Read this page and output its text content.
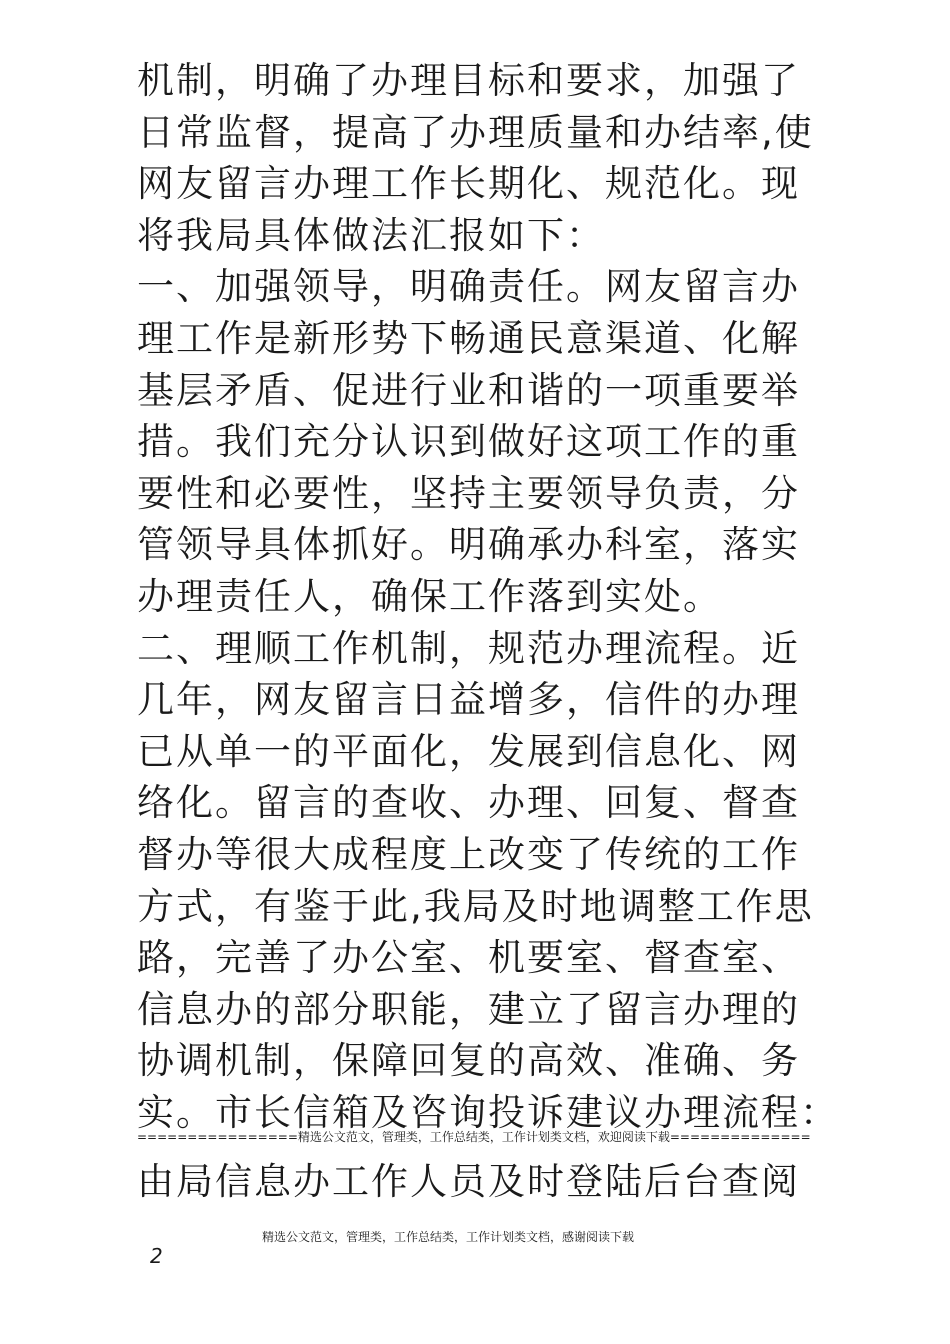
机制，明确了办理目标和要求，加强了
日常监督，提高了办理质量和办结率,使
网友留言办理工作长期化、规范化。现
将我局具体做法汇报如下：
一、加强领导，明确责任。网友留言办
理工作是新形势下畅通民意渠道、化解
基层矛盾、促进行业和谐的一项重要举
措。我们充分认识到做好这项工作的重
要性和必要性，坚持主要领导负责，分
管领导具体抓好。明确承办科室，落实
办理责任人，确保工作落到实处。
二、理顺工作机制，规范办理流程。近
几年，网友留言日益增多，信件的办理
已从单一的平面化，发展到信息化、网
络化。留言的查收、办理、回复、督查
督办等很大成程度上改变了传统的工作
方式，有鉴于此,我局及时地调整工作思
路，完善了办公室、机要室、督查室、
信息办的部分职能，建立了留言办理的
协调机制，保障回复的高效、准确、务
实。市长信箱及咨询投诉建议办理流程：
================精选公文范文，管理类，工作总结类，工作计划类文档，欢迎阅读下载==============
由局信息办工作人员及时登陆后台查阅
精选公文范文，管理类，工作总结类，工作计划类文档，感谢阅读下载
2
